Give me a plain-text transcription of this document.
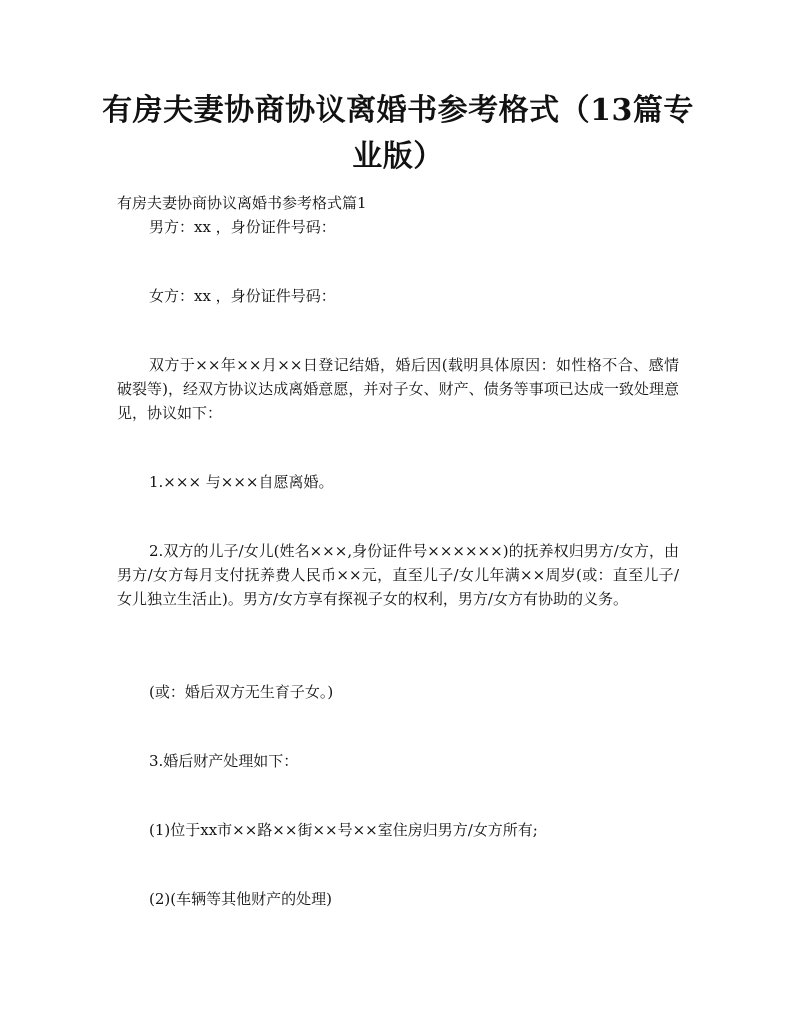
有房夫妻协商协议离婚书参考格式（13篇专业版）

有房夫妻协商协议离婚书参考格式篇1

男方：xx ，身份证件号码：

女方：xx ，身份证件号码：

双方于××年××月××日登记结婚，婚后因(载明具体原因：如性格不合、感情破裂等)，经双方协议达成离婚意愿，并对子女、财产、债务等事项已达成一致处理意见，协议如下：

1.××× 与×××自愿离婚。

2.双方的儿子/女儿(姓名×××,身份证件号××××××)的抚养权归男方/女方，由男方/女方每月支付抚养费人民币××元，直至儿子/女儿年满××周岁(或：直至儿子/女儿独立生活止)。男方/女方享有探视子女的权利，男方/女方有协助的义务。

(或：婚后双方无生育子女。)

3.婚后财产处理如下：

(1)位于xx市××路××街××号××室住房归男方/女方所有;

(2)(车辆等其他财产的处理)
